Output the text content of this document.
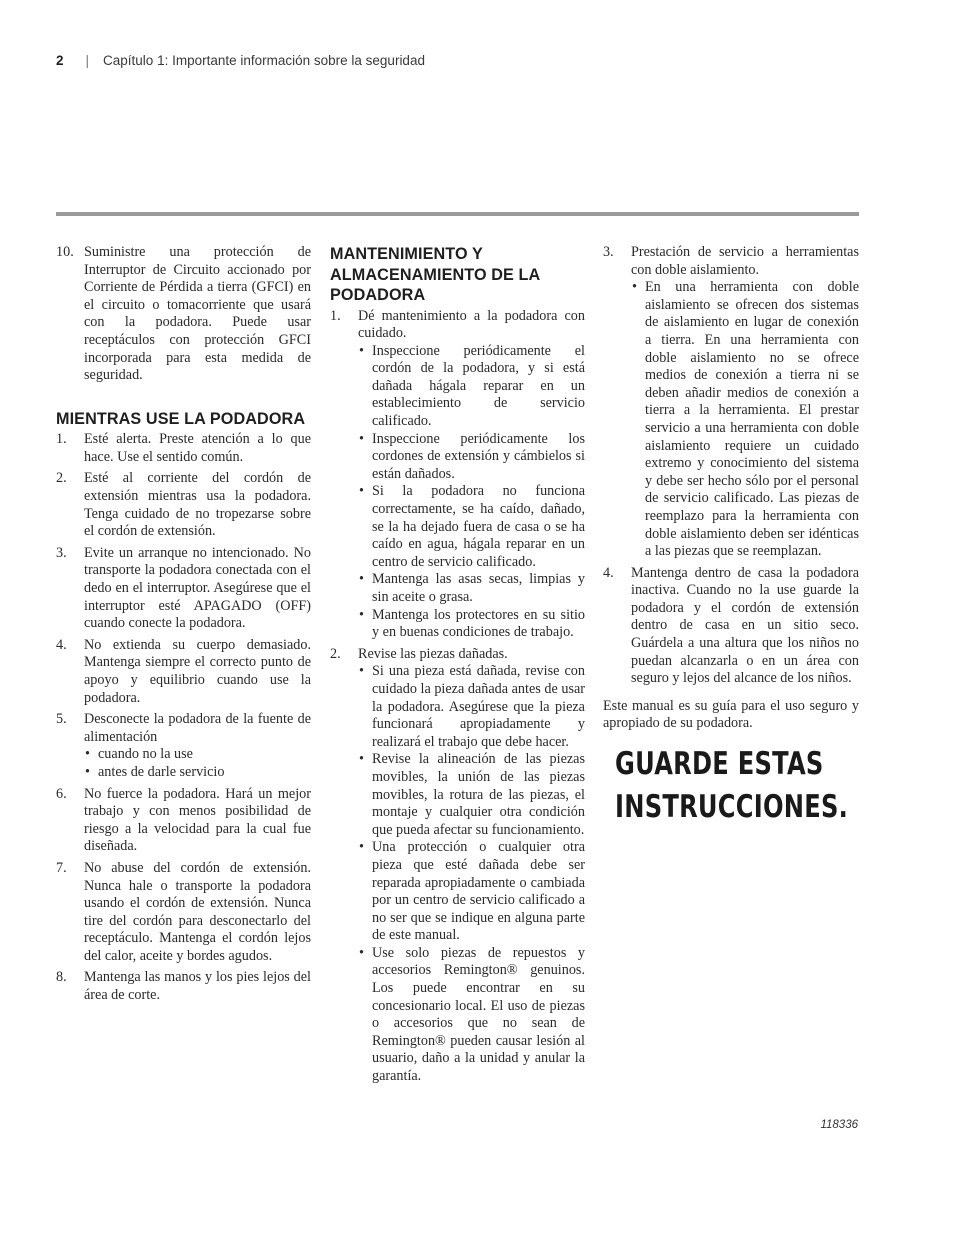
2 | Capítulo 1: Importante información sobre la seguridad
10. Suministre una protección de Interruptor de Circuito accionado por Corriente de Pérdida a tierra (GFCI) en el circuito o tomacorriente que usará con la podadora. Puede usar receptáculos con protección GFCI incorporada para esta medida de seguridad.
MIENTRAS USE LA PODADORA
1. Esté alerta. Preste atención a lo que hace. Use el sentido común.
2. Esté al corriente del cordón de extensión mientras usa la podadora. Tenga cuidado de no tropezarse sobre el cordón de extensión.
3. Evite un arranque no intencionado. No transporte la podadora conectada con el dedo en el interruptor. Asegúrese que el interruptor esté APAGADO (OFF) cuando conecte la podadora.
4. No extienda su cuerpo demasiado. Mantenga siempre el correcto punto de apoyo y equilibrio cuando use la podadora.
5. Desconecte la podadora de la fuente de alimentación
• cuando no la use
• antes de darle servicio
6. No fuerce la podadora. Hará un mejor trabajo y con menos posibilidad de riesgo a la velocidad para la cual fue diseñada.
7. No abuse del cordón de extensión. Nunca hale o transporte la podadora usando el cordón de extensión. Nunca tire del cordón para desconectarlo del receptáculo. Mantenga el cordón lejos del calor, aceite y bordes agudos.
8. Mantenga las manos y los pies lejos del área de corte.
MANTENIMIENTO Y ALMACENAMIENTO DE LA PODADORA
1. Dé mantenimiento a la podadora con cuidado.
• Inspeccione periódicamente el cordón de la podadora, y si está dañada hágala reparar en un establecimiento de servicio calificado.
• Inspeccione periódicamente los cordones de extensión y cámbielos si están dañados.
• Si la podadora no funciona correctamente, se ha caído, dañado, se la ha dejado fuera de casa o se ha caído en agua, hágala reparar en un centro de servicio calificado.
• Mantenga las asas secas, limpias y sin aceite o grasa.
• Mantenga los protectores en su sitio y en buenas condiciones de trabajo.
2. Revise las piezas dañadas.
• Si una pieza está dañada, revise con cuidado la pieza dañada antes de usar la podadora. Asegúrese que la pieza funcionará apropiadamente y realizará el trabajo que debe hacer.
• Revise la alineación de las piezas movibles, la unión de las piezas movibles, la rotura de las piezas, el montaje y cualquier otra condición que pueda afectar su funcionamiento.
• Una protección o cualquier otra pieza que esté dañada debe ser reparada apropiadamente o cambiada por un centro de servicio calificado a no ser que se indique en alguna parte de este manual.
• Use solo piezas de repuestos y accesorios Remington® genuinos. Los puede encontrar en su concesionario local. El uso de piezas o accesorios que no sean de Remington® pueden causar lesión al usuario, daño a la unidad y anular la garantía.
3. Prestación de servicio a herramientas con doble aislamiento.
• En una herramienta con doble aislamiento se ofrecen dos sistemas de aislamiento en lugar de conexión a tierra. En una herramienta con doble aislamiento no se ofrece medios de conexión a tierra ni se deben añadir medios de conexión a tierra a la herramienta. El prestar servicio a una herramienta con doble aislamiento requiere un cuidado extremo y conocimiento del sistema y debe ser hecho sólo por el personal de servicio calificado. Las piezas de reemplazo para la herramienta con doble aislamiento deben ser idénticas a las piezas que se reemplazan.
4. Mantenga dentro de casa la podadora inactiva. Cuando no la use guarde la podadora y el cordón de extensión dentro de casa en un sitio seco. Guárdela a una altura que los niños no puedan alcanzarla o en un área con seguro y lejos del alcance de los niños.

Este manual es su guía para el uso seguro y apropiado de su podadora.

GUARDE ESTAS
INSTRUCCIONES.
118336
